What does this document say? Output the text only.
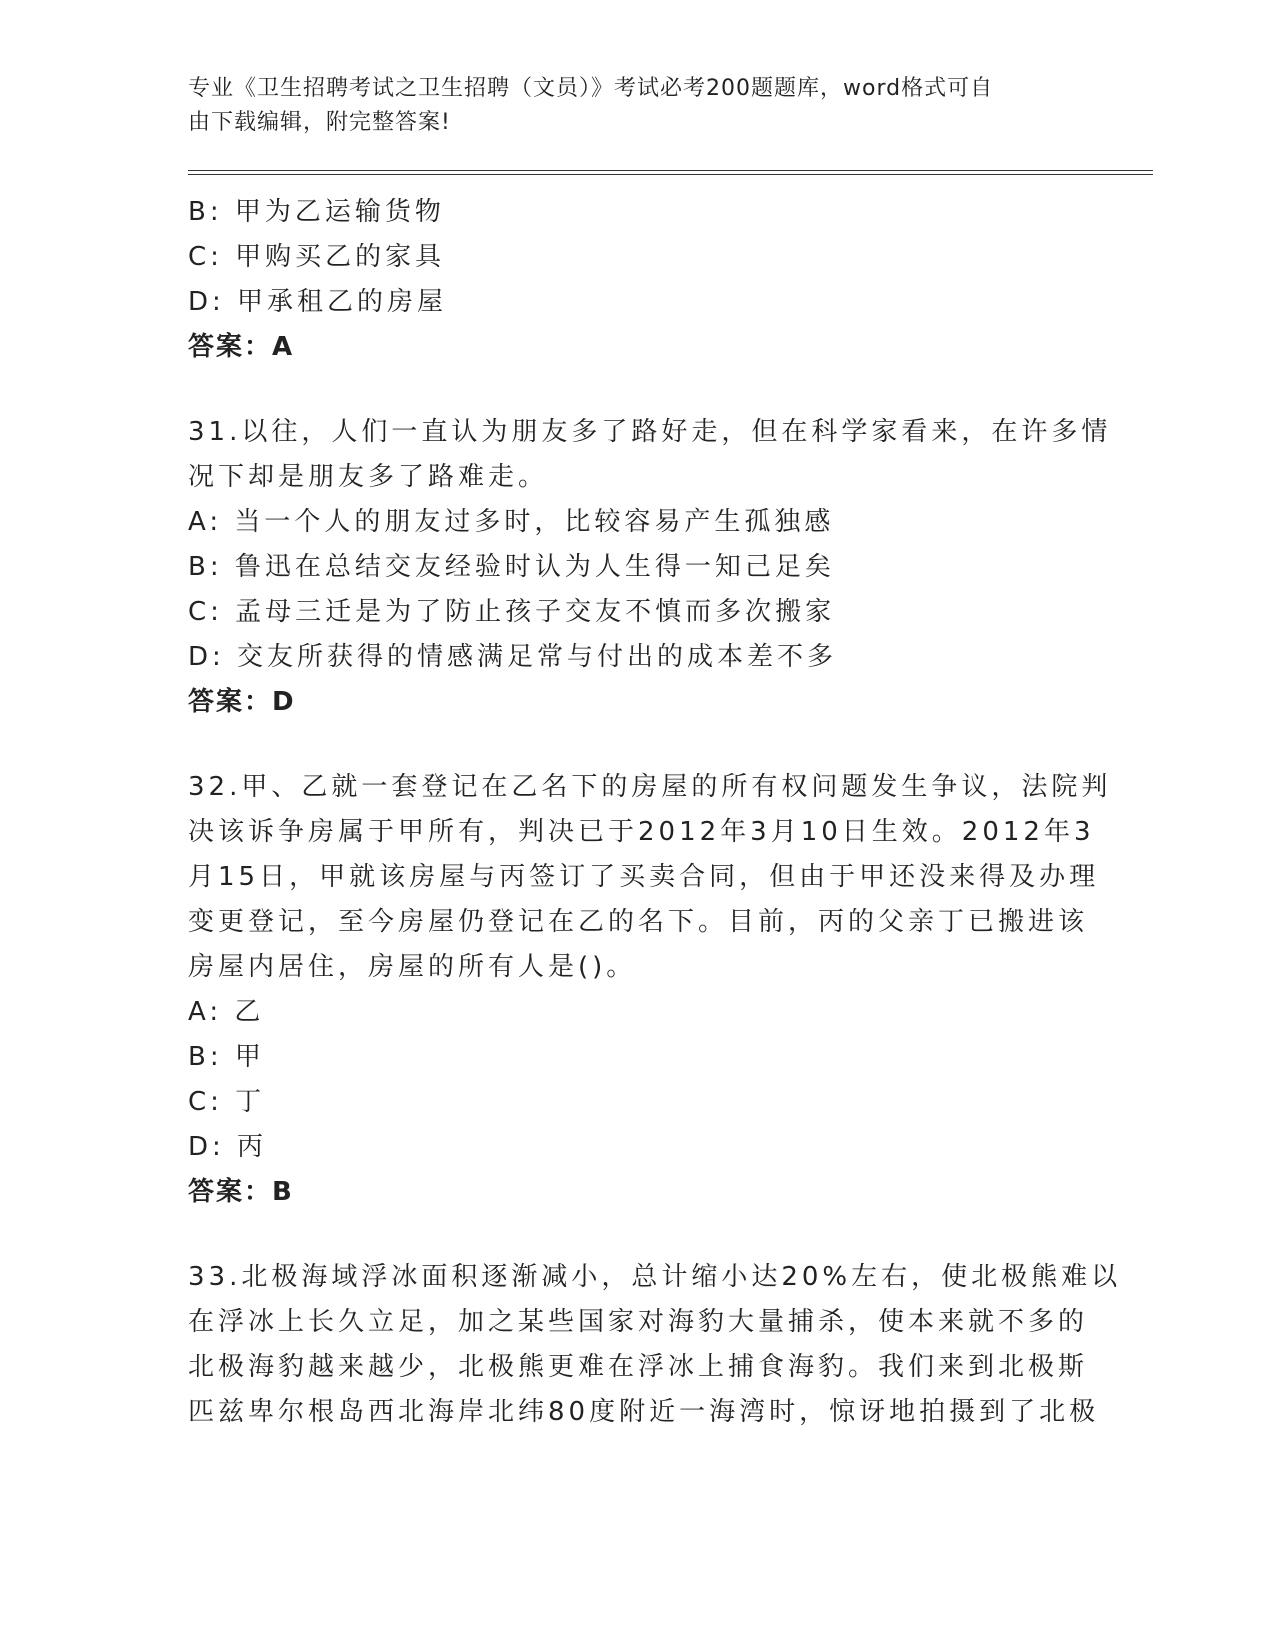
专业《卫生招聘考试之卫生招聘（文员）》考试必考200题题库，word格式可自
由下载编辑，附完整答案!
B: 甲为乙运输货物
C: 甲购买乙的家具
D: 甲承租乙的房屋
答案：A
31.以往，人们一直认为朋友多了路好走，但在科学家看来，在许多情
况下却是朋友多了路难走。
A: 当一个人的朋友过多时，比较容易产生孤独感
B: 鲁迅在总结交友经验时认为人生得一知己足矣
C: 孟母三迁是为了防止孩子交友不慎而多次搬家
D: 交友所获得的情感满足常与付出的成本差不多
答案：D
32.甲、乙就一套登记在乙名下的房屋的所有权问题发生争议，法院判
决该诉争房属于甲所有，判决已于2012年3月10日生效。2012年3
月15日，甲就该房屋与丙签订了买卖合同，但由于甲还没来得及办理
变更登记，至今房屋仍登记在乙的名下。目前，丙的父亲丁已搬进该
房屋内居住，房屋的所有人是()。
A: 乙
B: 甲
C: 丁
D: 丙
答案：B
33.北极海域浮冰面积逐渐减小，总计缩小达20%左右，使北极熊难以
在浮冰上长久立足，加之某些国家对海豹大量捕杀，使本来就不多的
北极海豹越来越少，北极熊更难在浮冰上捕食海豹。我们来到北极斯
匹兹卑尔根岛西北海岸北纬80度附近一海湾时，惊讶地拍摄到了北极
